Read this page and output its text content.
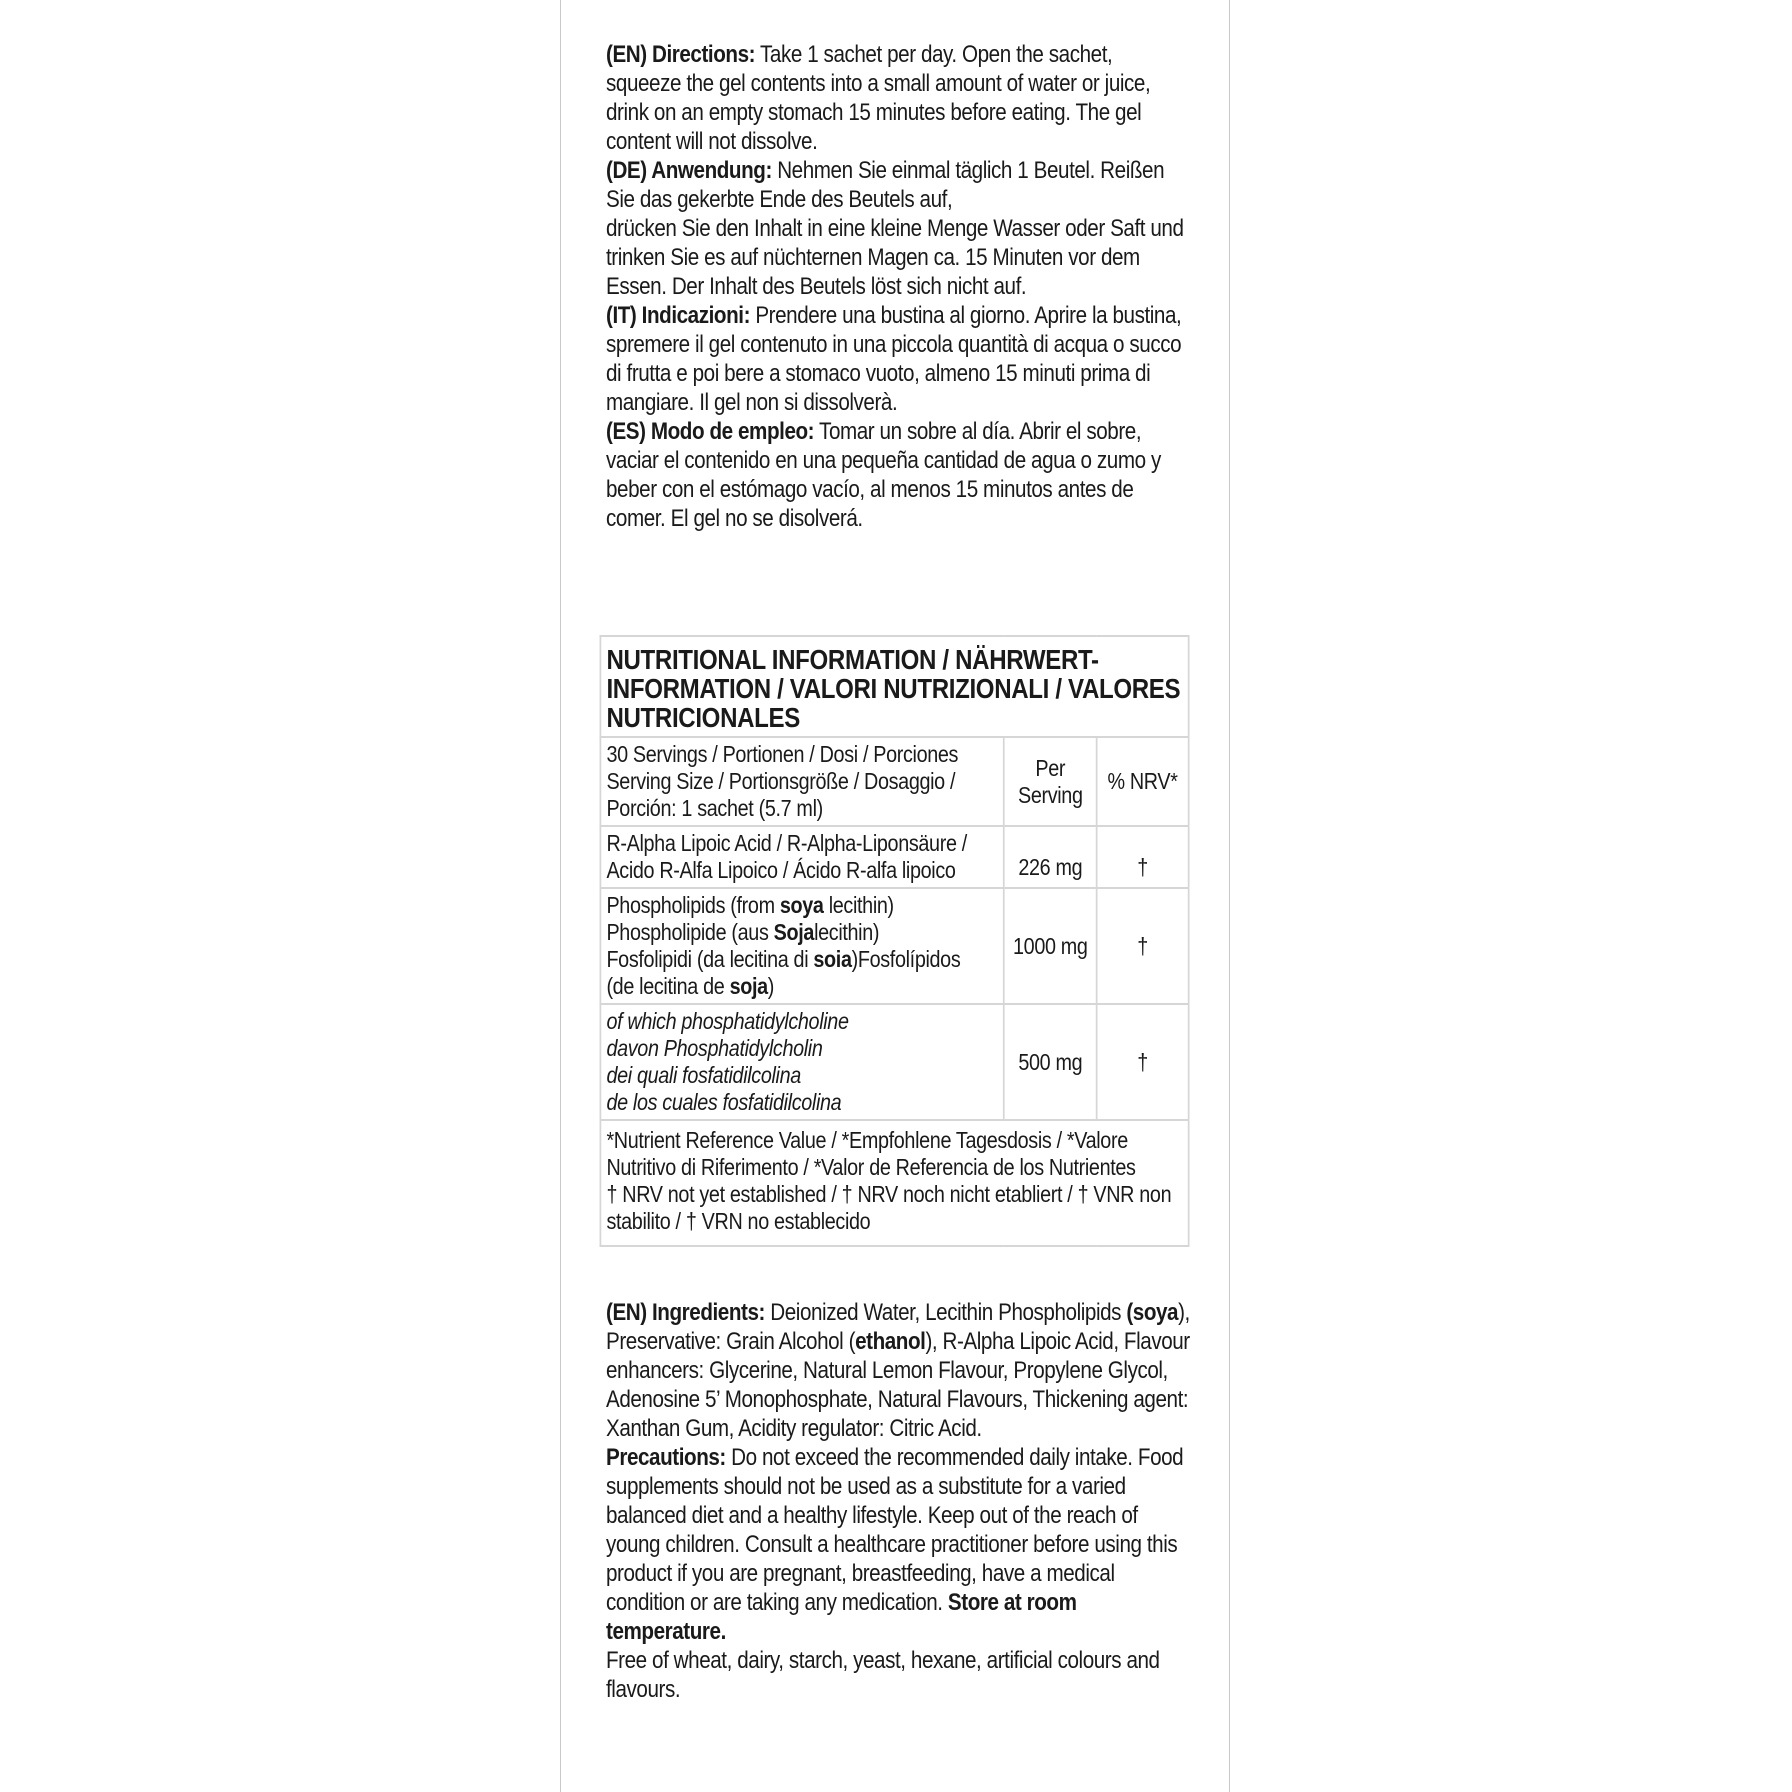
(EN) Directions: Take 1 sachet per day. Open the sachet, squeeze the gel contents into a small amount of water or juice, drink on an empty stomach 15 minutes before eating. The gel content will not dissolve.

(DE) Anwendung: Nehmen Sie einmal täglich 1 Beutel. Reißen Sie das gekerbte Ende des Beutels auf,
drücken Sie den Inhalt in eine kleine Menge Wasser oder Saft und trinken Sie es auf nüchternen Magen ca. 15 Minuten vor dem Essen. Der Inhalt des Beutels löst sich nicht auf.

(IT) Indicazioni: Prendere una bustina al giorno. Aprire la bustina, spremere il gel contenuto in una piccola quantità di acqua o succo di frutta e poi bere a stomaco vuoto, almeno 15 minuti prima di mangiare. Il gel non si dissolverà.

(ES) Modo de empleo: Tomar un sobre al día. Abrir el sobre, vaciar el contenido en una pequeña cantidad de agua o zumo y beber con el estómago vacío, al menos 15 minutos antes de comer. El gel no se disolverá.

NUTRITIONAL INFORMATION / NÄHRWERT-INFORMATION / VALORI NUTRIZIONALI / VALORES NUTRICIONALES		
30 Servings / Portionen / Dosi / Porciones
Serving Size / Portionsgröße / Dosaggio / Porción: 1 sachet (5.7 ml)	Per Serving	% NRV*
R-Alpha Lipoic Acid / R-Alpha-Liponsäure / Acido R-Alfa Lipoico / Ácido R-alfa lipoico	226 mg	†
Phospholipids (from soya lecithin)
Phospholipide (aus Sojalecithin)
Fosfolipidi (da lecitina di soia)Fosfolípidos
(de lecitina de soja)	1000 mg	†
of which phosphatidylcholine
davon Phosphatidylcholin
dei quali fosfatidilcolina
de los cuales fosfatidilcolina	500 mg	†
*Nutrient Reference Value / *Empfohlene Tagesdosis / *Valore Nutritivo di Riferimento / *Valor de Referencia de los Nutrientes
† NRV not yet established / † NRV noch nicht etabliert / † VNR non stabilito / † VRN no establecido		

(EN) Ingredients: Deionized Water, Lecithin Phospholipids (soya), Preservative: Grain Alcohol (ethanol), R-Alpha Lipoic Acid, Flavour enhancers: Glycerine, Natural Lemon Flavour, Propylene Glycol, Adenosine 5’ Monophosphate, Natural Flavours, Thickening agent: Xanthan Gum, Acidity regulator: Citric Acid.

Precautions: Do not exceed the recommended daily intake. Food supplements should not be used as a substitute for a varied balanced diet and a healthy lifestyle. Keep out of the reach of young children. Consult a healthcare practitioner before using this product if you are pregnant, breastfeeding, have a medical condition or are taking any medication. Store at room temperature.
Free of wheat, dairy, starch, yeast, hexane, artificial colours and flavours.
